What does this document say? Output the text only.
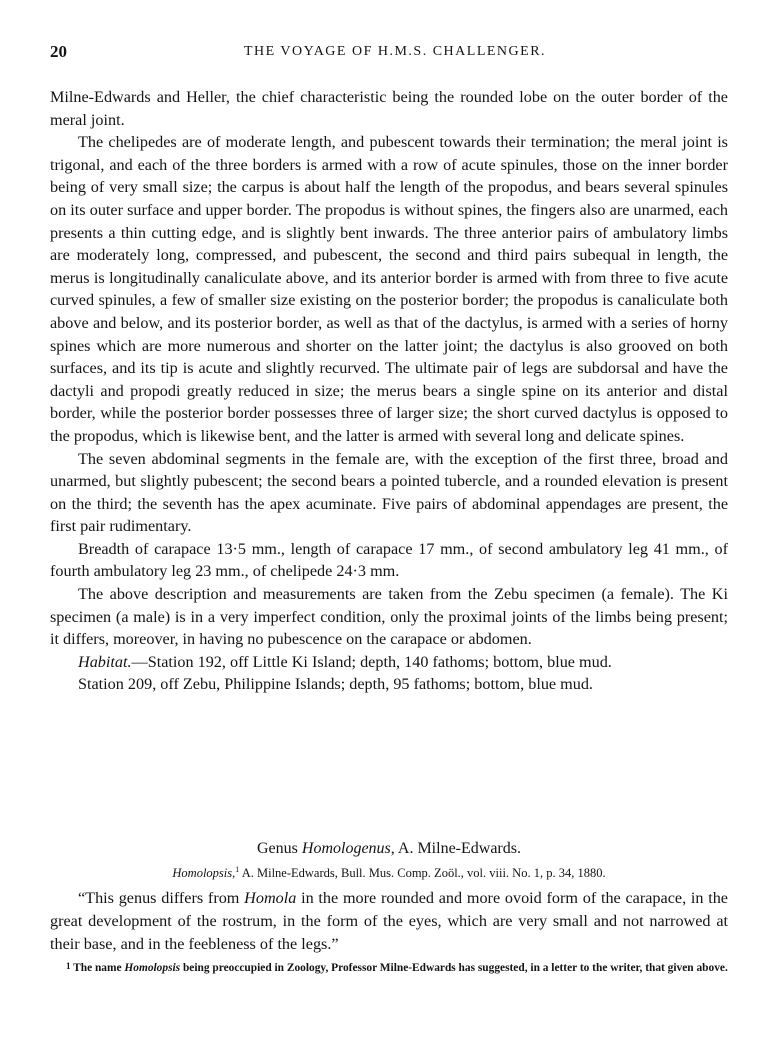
20	THE VOYAGE OF H.M.S. CHALLENGER.

Milne-Edwards and Heller, the chief characteristic being the rounded lobe on the outer border of the meral joint.

The chelipedes are of moderate length, and pubescent towards their termination; the meral joint is trigonal, and each of the three borders is armed with a row of acute spinules, those on the inner border being of very small size; the carpus is about half the length of the propodus, and bears several spinules on its outer surface and upper border. The propodus is without spines, the fingers also are unarmed, each presents a thin cutting edge, and is slightly bent inwards. The three anterior pairs of ambulatory limbs are moderately long, compressed, and pubescent, the second and third pairs subequal in length, the merus is longitudinally canaliculate above, and its anterior border is armed with from three to five acute curved spinules, a few of smaller size existing on the posterior border; the propodus is canaliculate both above and below, and its posterior border, as well as that of the dactylus, is armed with a series of horny spines which are more numerous and shorter on the latter joint; the dactylus is also grooved on both surfaces, and its tip is acute and slightly recurved. The ultimate pair of legs are subdorsal and have the dactyli and propodi greatly reduced in size; the merus bears a single spine on its anterior and distal border, while the posterior border possesses three of larger size; the short curved dactylus is opposed to the propodus, which is likewise bent, and the latter is armed with several long and delicate spines.

The seven abdominal segments in the female are, with the exception of the first three, broad and unarmed, but slightly pubescent; the second bears a pointed tubercle, and a rounded elevation is present on the third; the seventh has the apex acuminate. Five pairs of abdominal appendages are present, the first pair rudimentary.

Breadth of carapace 13·5 mm., length of carapace 17 mm., of second ambulatory leg 41 mm., of fourth ambulatory leg 23 mm., of chelipede 24·3 mm.

The above description and measurements are taken from the Zebu specimen (a female). The Ki specimen (a male) is in a very imperfect condition, only the proximal joints of the limbs being present; it differs, moreover, in having no pubescence on the carapace or abdomen.

Habitat.—Station 192, off Little Ki Island; depth, 140 fathoms; bottom, blue mud.

Station 209, off Zebu, Philippine Islands; depth, 95 fathoms; bottom, blue mud.

Genus Homologenus, A. Milne-Edwards.
Homolopsis,$^1$ A. Milne-Edwards, Bull. Mus. Comp. Zoöl., vol. viii. No. 1, p. 34, 1880.

“This genus differs from Homola in the more rounded and more ovoid form of the carapace, in the great development of the rostrum, in the form of the eyes, which are very small and not narrowed at their base, and in the feebleness of the legs.”

$^1$ The name Homolopsis being preoccupied in Zoology, Professor Milne-Edwards has suggested, in a letter to the writer, that given above.
